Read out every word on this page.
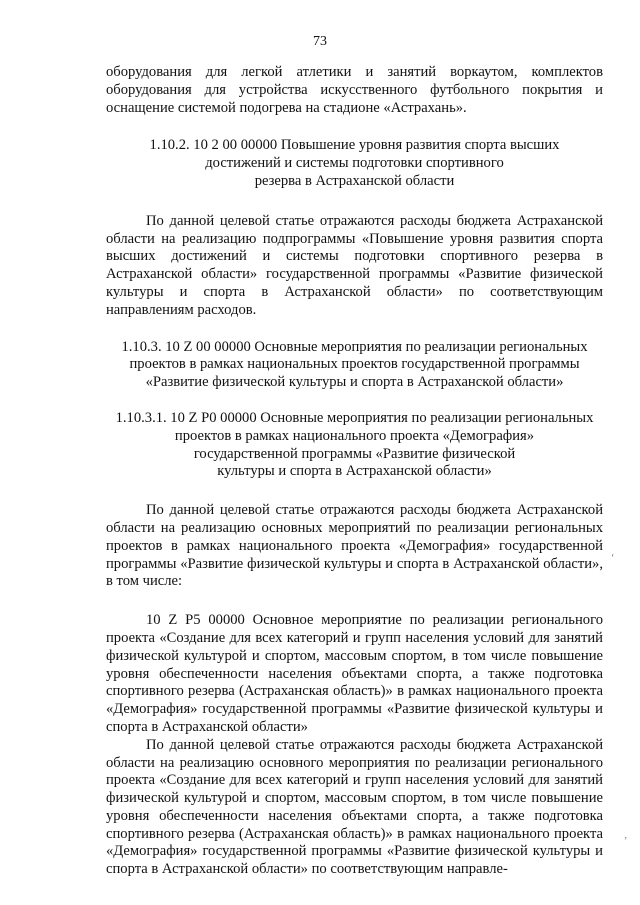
73

оборудования для легкой атлетики и занятий воркаутом, комплектов оборудования для устройства искусственного футбольного покрытия и оснащение системой подогрева на стадионе «Астрахань».

1.10.2. 10 2 00 00000 Повышение уровня развития спорта высших
достижений и системы подготовки спортивного
резерва в Астраханской области

По данной целевой статье отражаются расходы бюджета Астраханской области на реализацию подпрограммы «Повышение уровня развития спорта высших достижений и системы подготовки спортивного резерва в Астраханской области» государственной программы «Развитие физической культуры и спорта в Астраханской области» по соответствующим направлениям расходов.

1.10.3. 10 Z 00 00000 Основные мероприятия по реализации региональных
проектов в рамках национальных проектов государственной программы
«Развитие физической культуры и спорта в Астраханской области»

1.10.3.1. 10 Z P0 00000 Основные мероприятия по реализации региональных
проектов в рамках национального проекта «Демография»
государственной программы «Развитие физической
культуры и спорта в Астраханской области»

По данной целевой статье отражаются расходы бюджета Астраханской области на реализацию основных мероприятий по реализации региональных проектов в рамках национального проекта «Демография» государственной программы «Развитие физической культуры и спорта в Астраханской области», в том числе:

10 Z P5 00000 Основное мероприятие по реализации регионального проекта «Создание для всех категорий и групп населения условий для занятий физической культурой и спортом, массовым спортом, в том числе повышение уровня обеспеченности населения объектами спорта, а также подготовка спортивного резерва (Астраханская область)» в рамках национального проекта «Демография» государственной программы «Развитие физической культуры и спорта в Астраханской области»

По данной целевой статье отражаются расходы бюджета Астраханской области на реализацию основного мероприятия по реализации регионального проекта «Создание для всех категорий и групп населения условий для занятий физической культурой и спортом, массовым спортом, в том числе повышение уровня обеспеченности населения объектами спорта, а также подготовка спортивного резерва (Астраханская область)» в рамках национального проекта «Демография» государственной программы «Развитие физической культуры и спорта в Астраханской области» по соответствующим направле-

‘
’
